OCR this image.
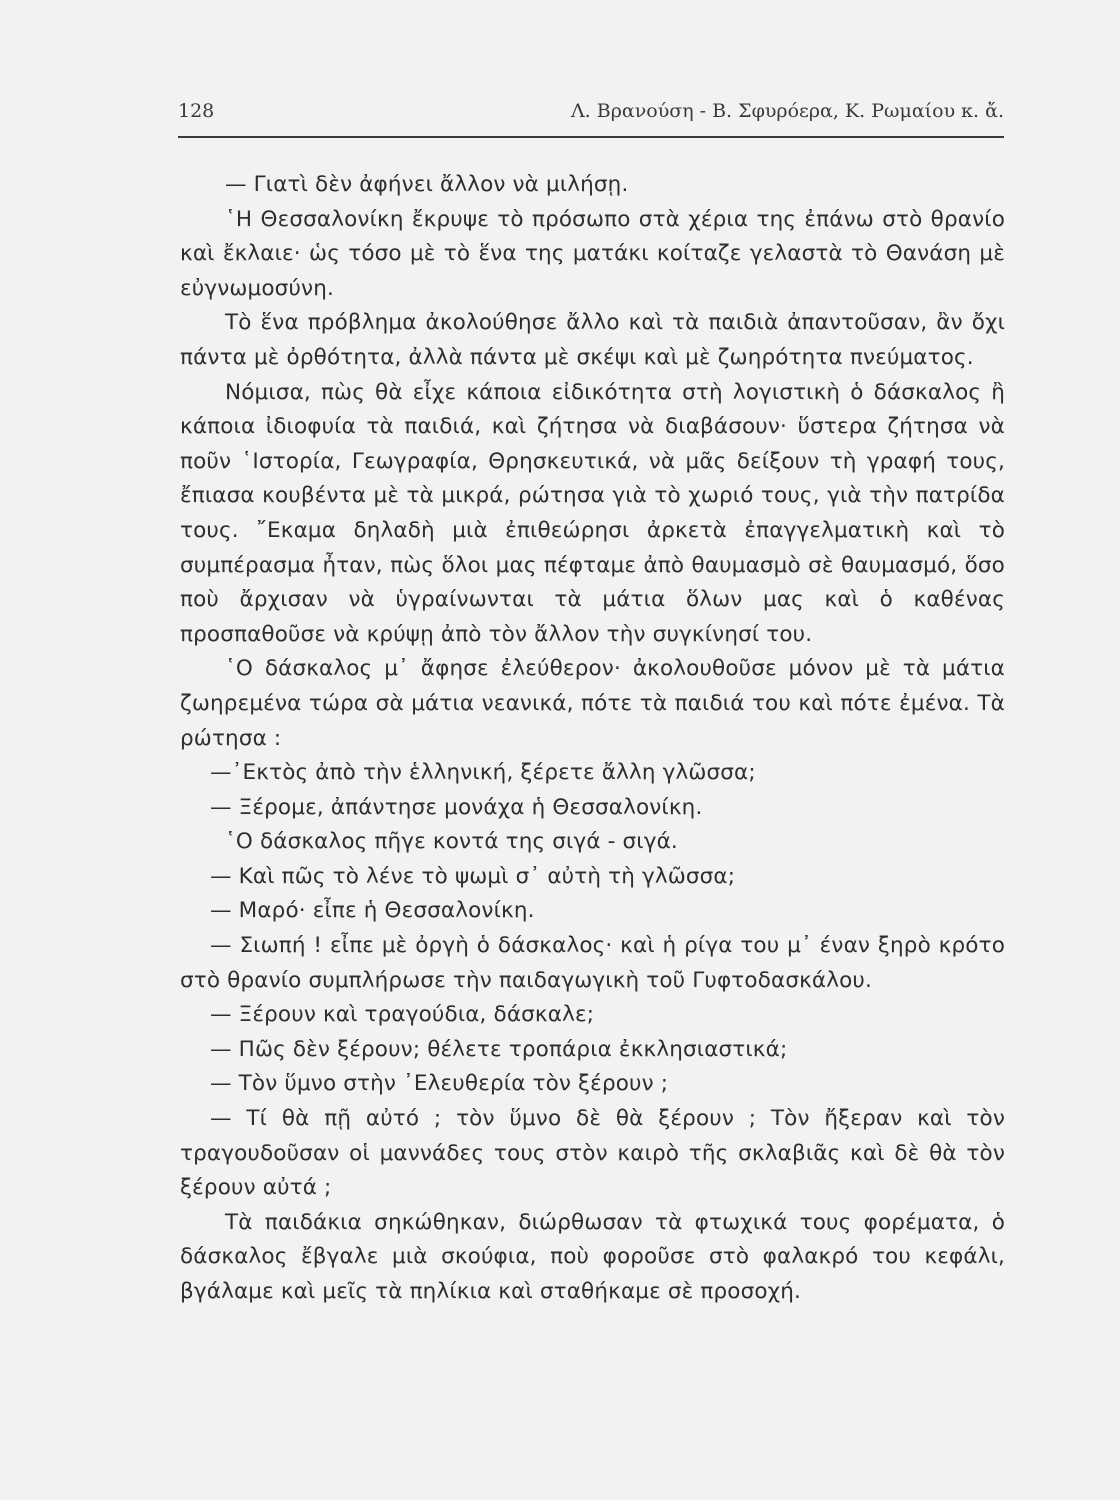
128	Λ. Βρανούση - Β. Σφυρόερα, Κ. Ρωμαίου κ. ἄ.

— Γιατὶ δὲν ἀφήνει ἄλλον νὰ μιλήσῃ.

῾Η Θεσσαλονίκη ἔκρυψε τὸ πρόσωπο στὰ χέρια της ἐπάνω στὸ θρανίο καὶ ἔκλαιε· ὡς τόσο μὲ τὸ ἕνα της ματάκι κοίταζε γελαστὰ τὸ Θανάση μὲ εὐγνωμοσύνη.

Τὸ ἕνα πρόβλημα ἀκολούθησε ἄλλο καὶ τὰ παιδιὰ ἀπαντοῦσαν, ἂν ὄχι πάντα μὲ ὀρθότητα, ἀλλὰ πάντα μὲ σκέψι καὶ μὲ ζωηρότητα πνεύματος.

Νόμισα, πὼς θὰ εἶχε κάποια εἰδικότητα στὴ λογιστικὴ ὁ δάσκαλος ἢ κάποια ἰδιοφυία τὰ παιδιά, καὶ ζήτησα νὰ διαβάσουν· ὕστερα ζήτησα νὰ ποῦν ῾Ιστορία, Γεωγραφία, Θρησκευτικά, νὰ μᾶς δείξουν τὴ γραφή τους, ἔπιασα κουβέντα μὲ τὰ μικρά, ρώτησα γιὰ τὸ χωριό τους, γιὰ τὴν πατρίδα τους. ῎Εκαμα δηλαδὴ μιὰ ἐπιθεώρησι ἀρκετὰ ἐπαγγελματικὴ καὶ τὸ συμπέρασμα ἦταν, πὼς ὅλοι μας πέφταμε ἀπὸ θαυμασμὸ σὲ θαυμασμό, ὅσο ποὺ ἄρχισαν νὰ ὑγραίνωνται τὰ μάτια ὅλων μας καὶ ὁ καθένας προσπαθοῦσε νὰ κρύψῃ ἀπὸ τὸν ἄλλον τὴν συγκίνησί του.

῾Ο δάσκαλος μ᾽ ἄφησε ἐλεύθερον· ἀκολουθοῦσε μόνον μὲ τὰ μάτια ζωηρεμένα τώρα σὰ μάτια νεανικά, πότε τὰ παιδιά του καὶ πότε ἐμένα. Τὰ ρώτησα :

—᾽Εκτὸς ἀπὸ τὴν ἑλληνική, ξέρετε ἄλλη γλῶσσα;

— Ξέρομε, ἀπάντησε μονάχα ἡ Θεσσαλονίκη.

῾Ο δάσκαλος πῆγε κοντά της σιγά - σιγά.

— Καὶ πῶς τὸ λένε τὸ ψωμὶ σ᾽ αὐτὴ τὴ γλῶσσα;

— Μαρό· εἶπε ἡ Θεσσαλονίκη.

— Σιωπή ! εἶπε μὲ ὀργὴ ὁ δάσκαλος· καὶ ἡ ρίγα του μ᾽ έναν ξηρὸ κρότο στὸ θρανίο συμπλήρωσε τὴν παιδαγωγικὴ τοῦ Γυφτοδασκάλου.

— Ξέρουν καὶ τραγούδια, δάσκαλε;

— Πῶς δὲν ξέρουν; θέλετε τροπάρια ἐκκλησιαστικά;

— Τὸν ὕμνο στὴν ᾽Ελευθερία τὸν ξέρουν ;

— Τί θὰ πῇ αὐτό ; τὸν ὕμνο δὲ θὰ ξέρουν ; Τὸν ἤξεραν καὶ τὸν τραγουδοῦσαν οἱ μαννάδες τους στὸν καιρὸ τῆς σκλαβιᾶς καὶ δὲ θὰ τὸν ξέρουν αὐτά ;

Τὰ παιδάκια σηκώθηκαν, διώρθωσαν τὰ φτωχικά τους φορέματα, ὁ δάσκαλος ἔβγαλε μιὰ σκούφια, ποὺ φοροῦσε στὸ φαλακρό του κεφάλι, βγάλαμε καὶ μεῖς τὰ πηλίκια καὶ σταθήκαμε σὲ προσοχή.
